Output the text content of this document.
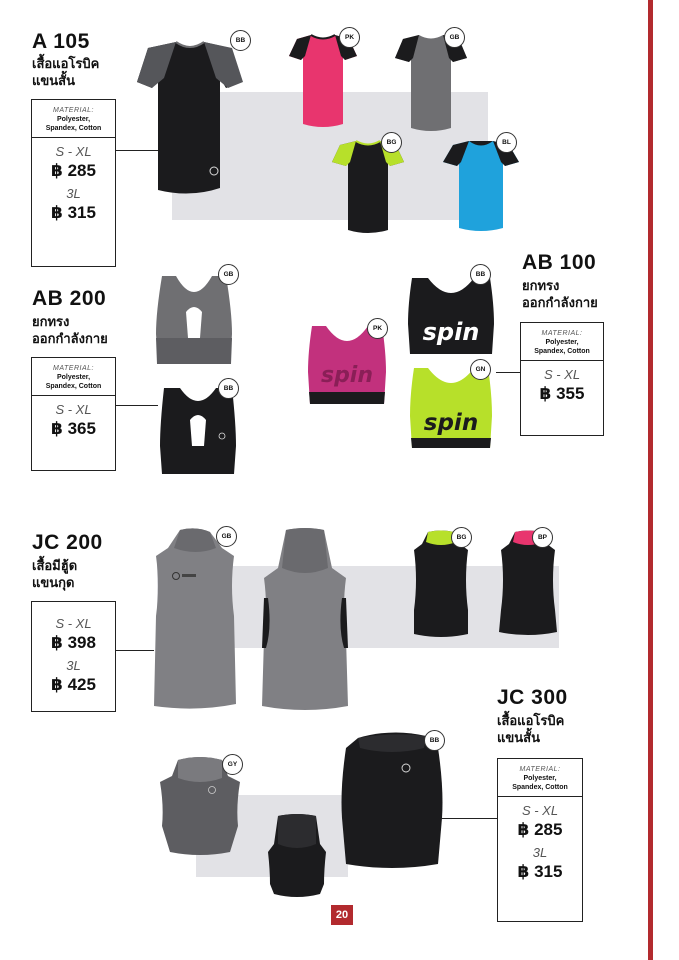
A 105
เสื้อแอโรบิค
แขนสั้น
MATERIAL:
Polyester,
Spandex, Cotton
S - XL
฿ 285
3L
฿ 315
BB	PK	GB
BG	BL
AB 200
ยกทรง
ออกกำลังกาย
MATERIAL:
Polyester,
Spandex, Cotton
S - XL
฿ 365
GB
BB
AB 100
ยกทรง
ออกกำลังกาย
MATERIAL:
Polyester,
Spandex, Cotton
S - XL
฿ 355
spin
BB
spin
PK
spin
GN
JC 200
เสื้อมีฮู้ด
แขนกุด
S - XL
฿ 398
3L
฿ 425
GB	BG	BP
JC 300
เสื้อแอโรบิค
แขนสั้น
MATERIAL:
Polyester,
Spandex, Cotton
S - XL
฿ 285
3L
฿ 315
GY
BB
20
